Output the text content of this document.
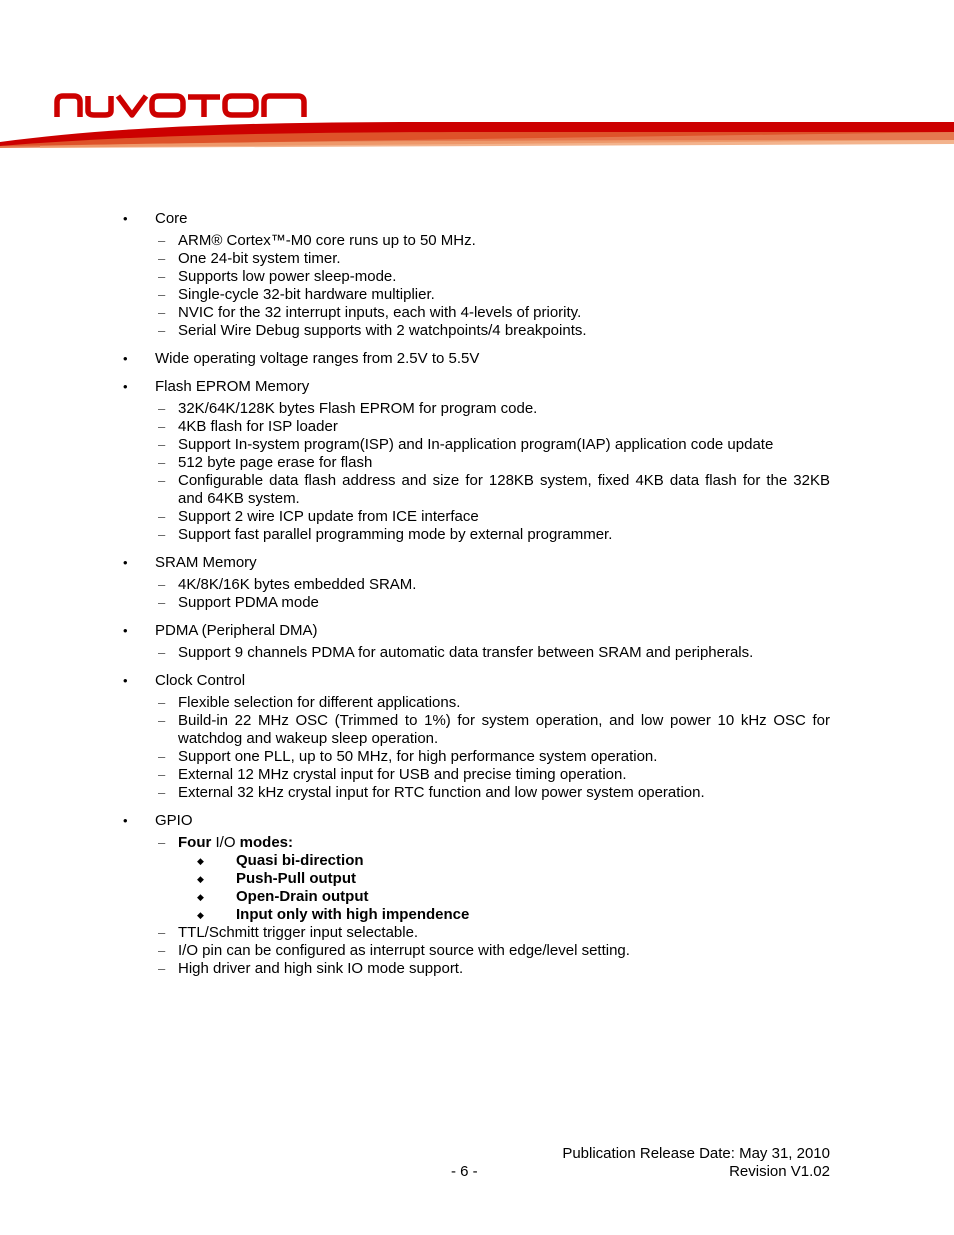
•	Core
– ARM® Cortex™-M0 core runs up to 50 MHz.
– One 24-bit system timer.
– Supports low power sleep-mode.
– Single-cycle 32-bit hardware multiplier.
– NVIC for the 32 interrupt inputs, each with 4-levels of priority.
– Serial Wire Debug supports with 2 watchpoints/4 breakpoints.
•	Wide operating voltage ranges from 2.5V to 5.5V
•	Flash EPROM Memory
– 32K/64K/128K bytes Flash EPROM for program code.
– 4KB flash for ISP loader
– Support In-system program(ISP) and In-application program(IAP) application code update
– 512 byte page erase for flash
– Configurable data flash address and size for 128KB system, fixed 4KB data flash for the 32KB and 64KB system.
– Support 2 wire ICP update from ICE interface
– Support fast parallel programming mode by external programmer.
•	SRAM Memory
– 4K/8K/16K bytes embedded SRAM.
– Support PDMA mode
•	PDMA (Peripheral DMA)
– Support 9 channels PDMA for automatic data transfer between SRAM and peripherals.
•	Clock Control
– Flexible selection for different applications.
– Build-in 22 MHz OSC (Trimmed to 1%) for system operation, and low power 10 kHz OSC for watchdog and wakeup sleep operation.
– Support one PLL, up to 50 MHz, for high performance system operation.
– External 12 MHz crystal input for USB and precise timing operation.
– External 32 kHz crystal input for RTC function and low power system operation.
•	GPIO
– Four I/O modes:
◆ Quasi bi-direction
◆ Push-Pull output
◆ Open-Drain output
◆ Input only with high impendence
– TTL/Schmitt trigger input selectable.
– I/O pin can be configured as interrupt source with edge/level setting.
– High driver and high sink IO mode support.
Publication Release Date: May 31, 2010
- 6 -	Revision V1.02
